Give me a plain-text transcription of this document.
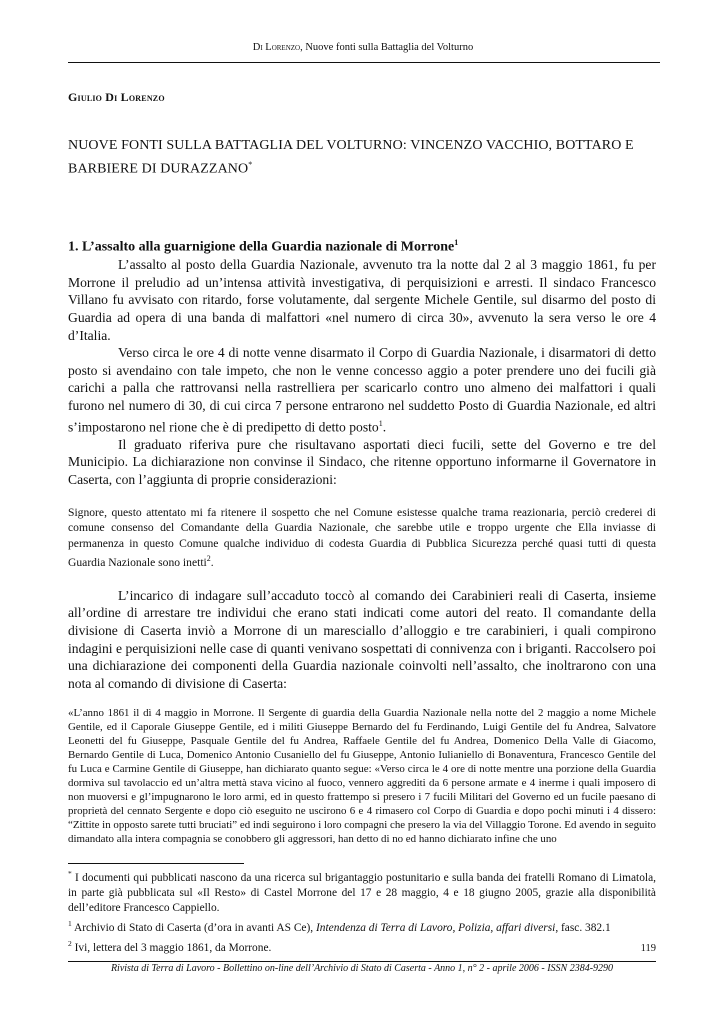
Di Lorenzo, Nuove fonti sulla Battaglia del Volturno
Giulio Di Lorenzo
NUOVE FONTI SULLA BATTAGLIA DEL VOLTURNO: VINCENZO VACCHIO, BOTTARO E BARBIERE DI DURAZZANO*
1. L’assalto alla guarnigione della Guardia nazionale di Morrone$^1$

L’assalto al posto della Guardia Nazionale, avvenuto tra la notte dal 2 al 3 maggio 1861, fu per Morrone il preludio ad un’intensa attività investigativa, di perquisizioni e arresti. Il sindaco Francesco Villano fu avvisato con ritardo, forse volutamente, dal sergente Michele Gentile, sul disarmo del posto di Guardia ad opera di una banda di malfattori «nel numero di circa 30», avvenuto la sera verso le ore 4 d’Italia.

Verso circa le ore 4 di notte venne disarmato il Corpo di Guardia Nazionale, i disarmatori di detto posto si avendaino con tale impeto, che non le venne concesso aggio a poter prendere uno dei fucili già carichi a palla che rattrovansi nella rastrelliera per scaricarlo contro uno almeno dei malfattori i quali furono nel numero di 30, di cui circa 7 persone entrarono nel suddetto Posto di Guardia Nazionale, ed altri s’impostarono nel rione che è di predipetto di detto posto$^1$.

Il graduato riferiva pure che risultavano asportati dieci fucili, sette del Governo e tre del Municipio. La dichiarazione non convinse il Sindaco, che ritenne opportuno informarne il Governatore in Caserta, con l’aggiunta di proprie considerazioni:

Signore, questo attentato mi fa ritenere il sospetto che nel Comune esistesse qualche trama reazionaria, perciò crederei di comune consenso del Comandante della Guardia Nazionale, che sarebbe utile e troppo urgente che Ella inviasse di permanenza in questo Comune qualche individuo di codesta Guardia di Pubblica Sicurezza perché quasi tutti di questa Guardia Nazionale sono inetti$^2$.

L’incarico di indagare sull’accaduto toccò al comando dei Carabinieri reali di Caserta, insieme all’ordine di arrestare tre individui che erano stati indicati come autori del reato. Il comandante della divisione di Caserta inviò a Morrone di un maresciallo d’alloggio e tre carabinieri, i quali compirono indagini e perquisizioni nelle case di quanti venivano sospettati di connivenza con i briganti. Raccolsero poi una dichiarazione dei componenti della Guardia nazionale coinvolti nell’assalto, che inoltrarono con una nota al comando di divisione di Caserta:

«L’anno 1861 il dì 4 maggio in Morrone. Il Sergente di guardia della Guardia Nazionale nella notte del 2 maggio a nome Michele Gentile, ed il Caporale Giuseppe Gentile, ed i militi Giuseppe Bernardo del fu Ferdinando, Luigi Gentile del fu Andrea, Salvatore Leonetti del fu Giuseppe, Pasquale Gentile del fu Andrea, Raffaele Gentile del fu Andrea, Domenico Della Valle di Giacomo, Bernardo Gentile di Luca, Domenico Antonio Cusaniello del fu Giuseppe, Antonio Iulianiello di Bonaventura, Francesco Gentile del fu Luca e Carmine Gentile di Giuseppe, han dichiarato quanto segue: «Verso circa le 4 ore di notte mentre una porzione della Guardia dormiva sul tavolaccio ed un’altra mettà stava vicino al fuoco, vennero aggrediti da 6 persone armate e 4 inerme i quali imposero di non muoversi e gl’impugnarono le loro armi, ed in questo frattempo si presero i 7 fucili Militari del Governo ed un fucile paesano di proprietà del cennato Sergente e dopo ciò eseguito ne uscirono 6 e 4 rimasero col Corpo di Guardia e dopo pochi minuti i 4 dissero: “Zittite in opposto sarete tutti bruciati” ed indi seguirono i loro compagni che presero la via del Villaggio Torone. Ed avendo in seguito dimandato alla intera compagnia se conobbero gli aggressori, han detto di no ed hanno dichiarato infine che uno

* I documenti qui pubblicati nascono da una ricerca sul brigantaggio postunitario e sulla banda dei fratelli Romano di Limatola, in parte già pubblicata sul «Il Resto» di Castel Morrone del 17 e 28 maggio, 4 e 18 giugno 2005, grazie alla disponibilità dell’editore Francesco Cappiello.

$^1$ Archivio di Stato di Caserta (d’ora in avanti AS Ce), Intendenza di Terra di Lavoro, Polizia, affari diversi, fasc. 382.1

$^2$ Ivi, lettera del 3 maggio 1861, da Morrone.	119
Rivista di Terra di Lavoro - Bollettino on-line dell’Archivio di Stato di Caserta - Anno 1, n° 2 - aprile 2006 - ISSN 2384-9290
